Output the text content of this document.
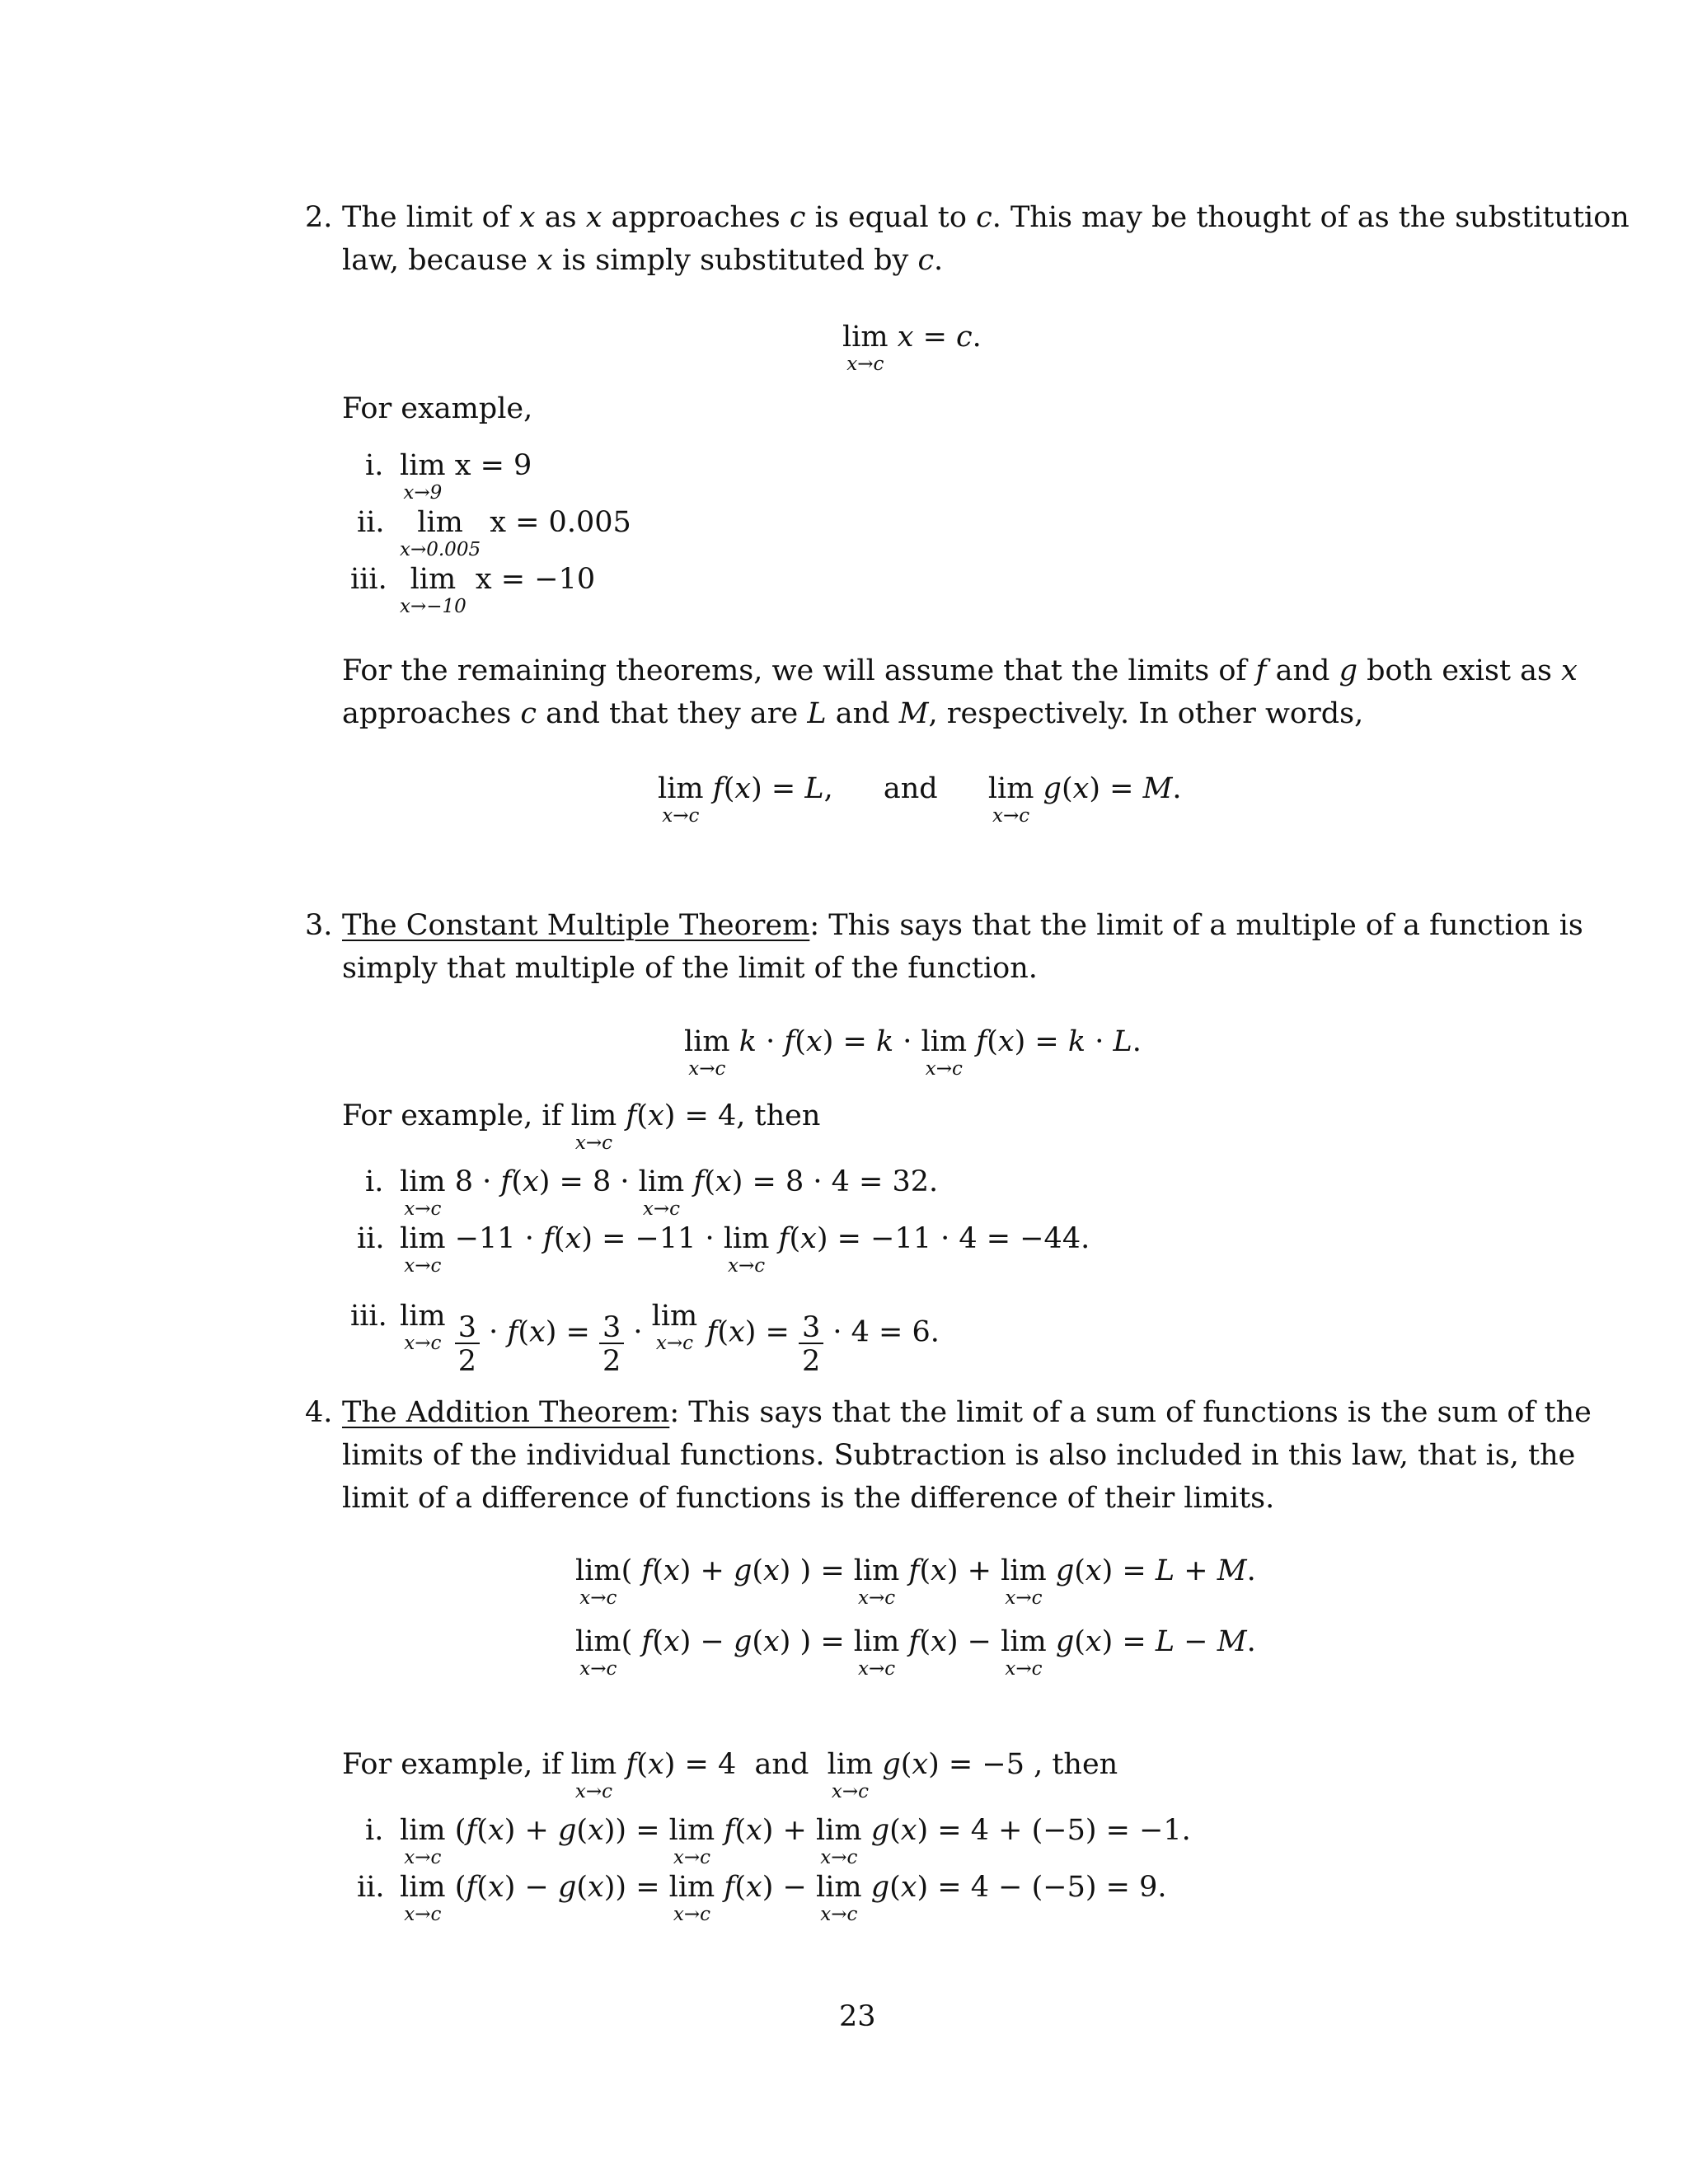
2. The limit of x as x approaches c is equal to c. This may be thought of as the substitution
law, because x is simply substituted by c.
lim
x→c
x = c.
For example,
i. lim
x→9
x = 9
ii. lim
x→0.005
x = 0.005
iii. lim
x→−10
x = −10
For the remaining theorems, we will assume that the limits of f and g both exist as x
approaches c and that they are L and M, respectively. In other words,
lim
x→c
f(x) = L, and lim
x→c
g(x) = M.
3. The Constant Multiple Theorem: This says that the limit of a multiple of a function is
simply that multiple of the limit of the function.
lim
x→c
k · f(x) = k · lim
x→c
f(x) = k · L.
For example, if lim
x→c
f(x) = 4, then
i. lim
x→c
8 · f(x) = 8 · lim
x→c
f(x) = 8 · 4 = 32.
ii. lim
x→c
−11 · f(x) = −11 · lim
x→c
f(x) = −11 · 4 = −44.
iii. lim
x→c
$\frac{3}{2} \cdot f(x) = \frac{3}{2} \cdot \lim$
x→c $f(x) = \frac{3}{2} \cdot 4 = 6$.
4. The Addition Theorem: This says that the limit of a sum of functions is the sum of the
limits of the individual functions. Subtraction is also included in this law, that is, the
limit of a difference of functions is the difference of their limits.
lim
x→c
( f(x) + g(x) ) = lim
x→c
f(x) + lim
x→c
g(x) = L + M.
lim
x→c
( f(x) − g(x) ) = lim
x→c
f(x) − lim
x→c
g(x) = L − M.
For example, if lim
x→c
f(x) = 4  and lim
x→c
g(x) = −5 , then
i. lim
x→c
(f(x) + g(x)) = lim
x→c
f(x) + lim
x→c
g(x) = 4 + (−5) = −1.
ii. lim
x→c
(f(x) − g(x)) = lim
x→c
f(x) − lim
x→c
g(x) = 4 − (−5) = 9.
23
